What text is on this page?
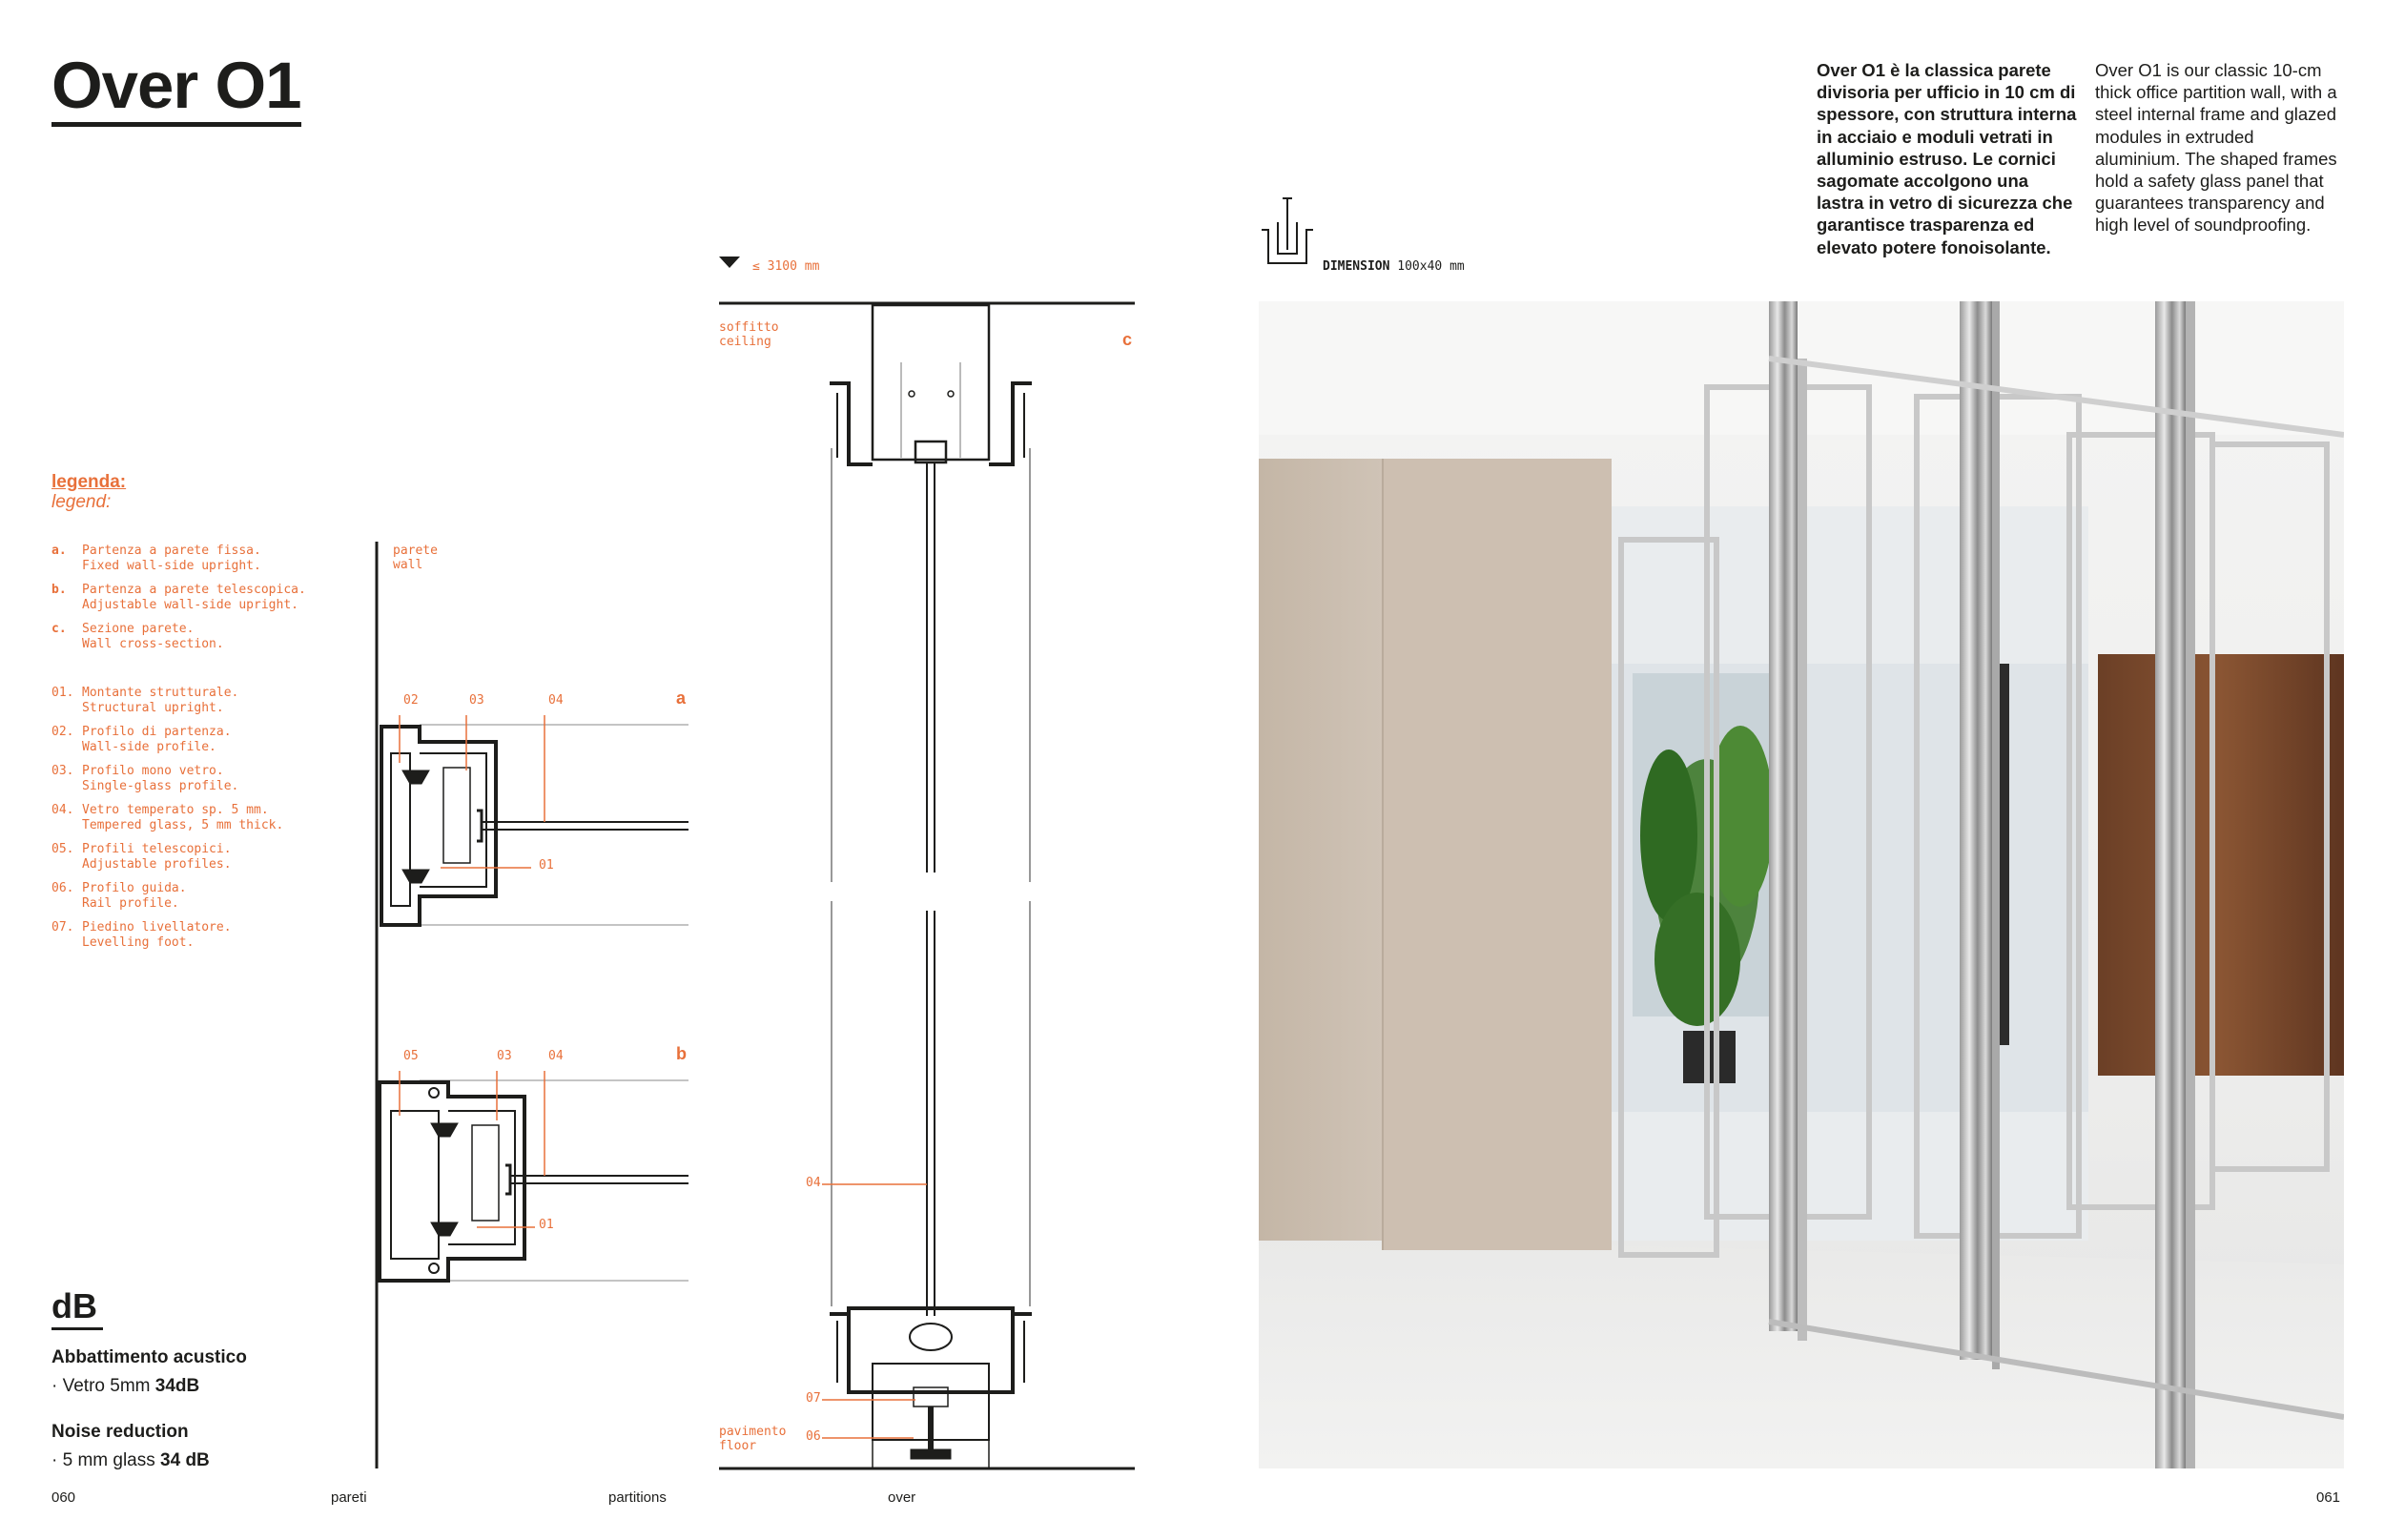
Over O1
legenda:
legend:
a.	Partenza a parete fissa.
Fixed wall-side upright.
b.	Partenza a parete telescopica.
Adjustable wall-side upright.
c.	Sezione parete.
Wall cross-section.
01. Montante strutturale.
Structural upright.
02. Profilo di partenza.
Wall-side profile.
03. Profilo mono vetro.
Single-glass profile.
04. Vetro temperato sp. 5 mm.
Tempered glass, 5 mm thick.
05. Profili telescopici.
Adjustable profiles.
06. Profilo guida.
Rail profile.
07. Piedino livellatore.
Levelling foot.
dB
Abbattimento acustico
· Vetro 5mm 34dB
Noise reduction
· 5 mm glass 34 dB
parete
wall
02	03	04
01
a
05	03	04
01
b
≤ 3100 mm
soffitto
ceiling	c
04
07
06
pavimento
floor
DIMENSION 100x40 mm
Over O1 è la classica parete divisoria per ufficio in 10 cm di spessore, con struttura interna in acciaio e moduli vetrati in alluminio estruso. Le cornici sagomate accolgono una lastra in vetro di sicurezza che garantisce trasparenza ed elevato potere fonoisolante.
Over O1 is our classic 10-cm thick office partition wall, with a steel internal frame and glazed modules in extruded aluminium. The shaped frames hold a safety glass panel that guarantees transparency and high level of soundproofing.
060	pareti	partitions	over	061
